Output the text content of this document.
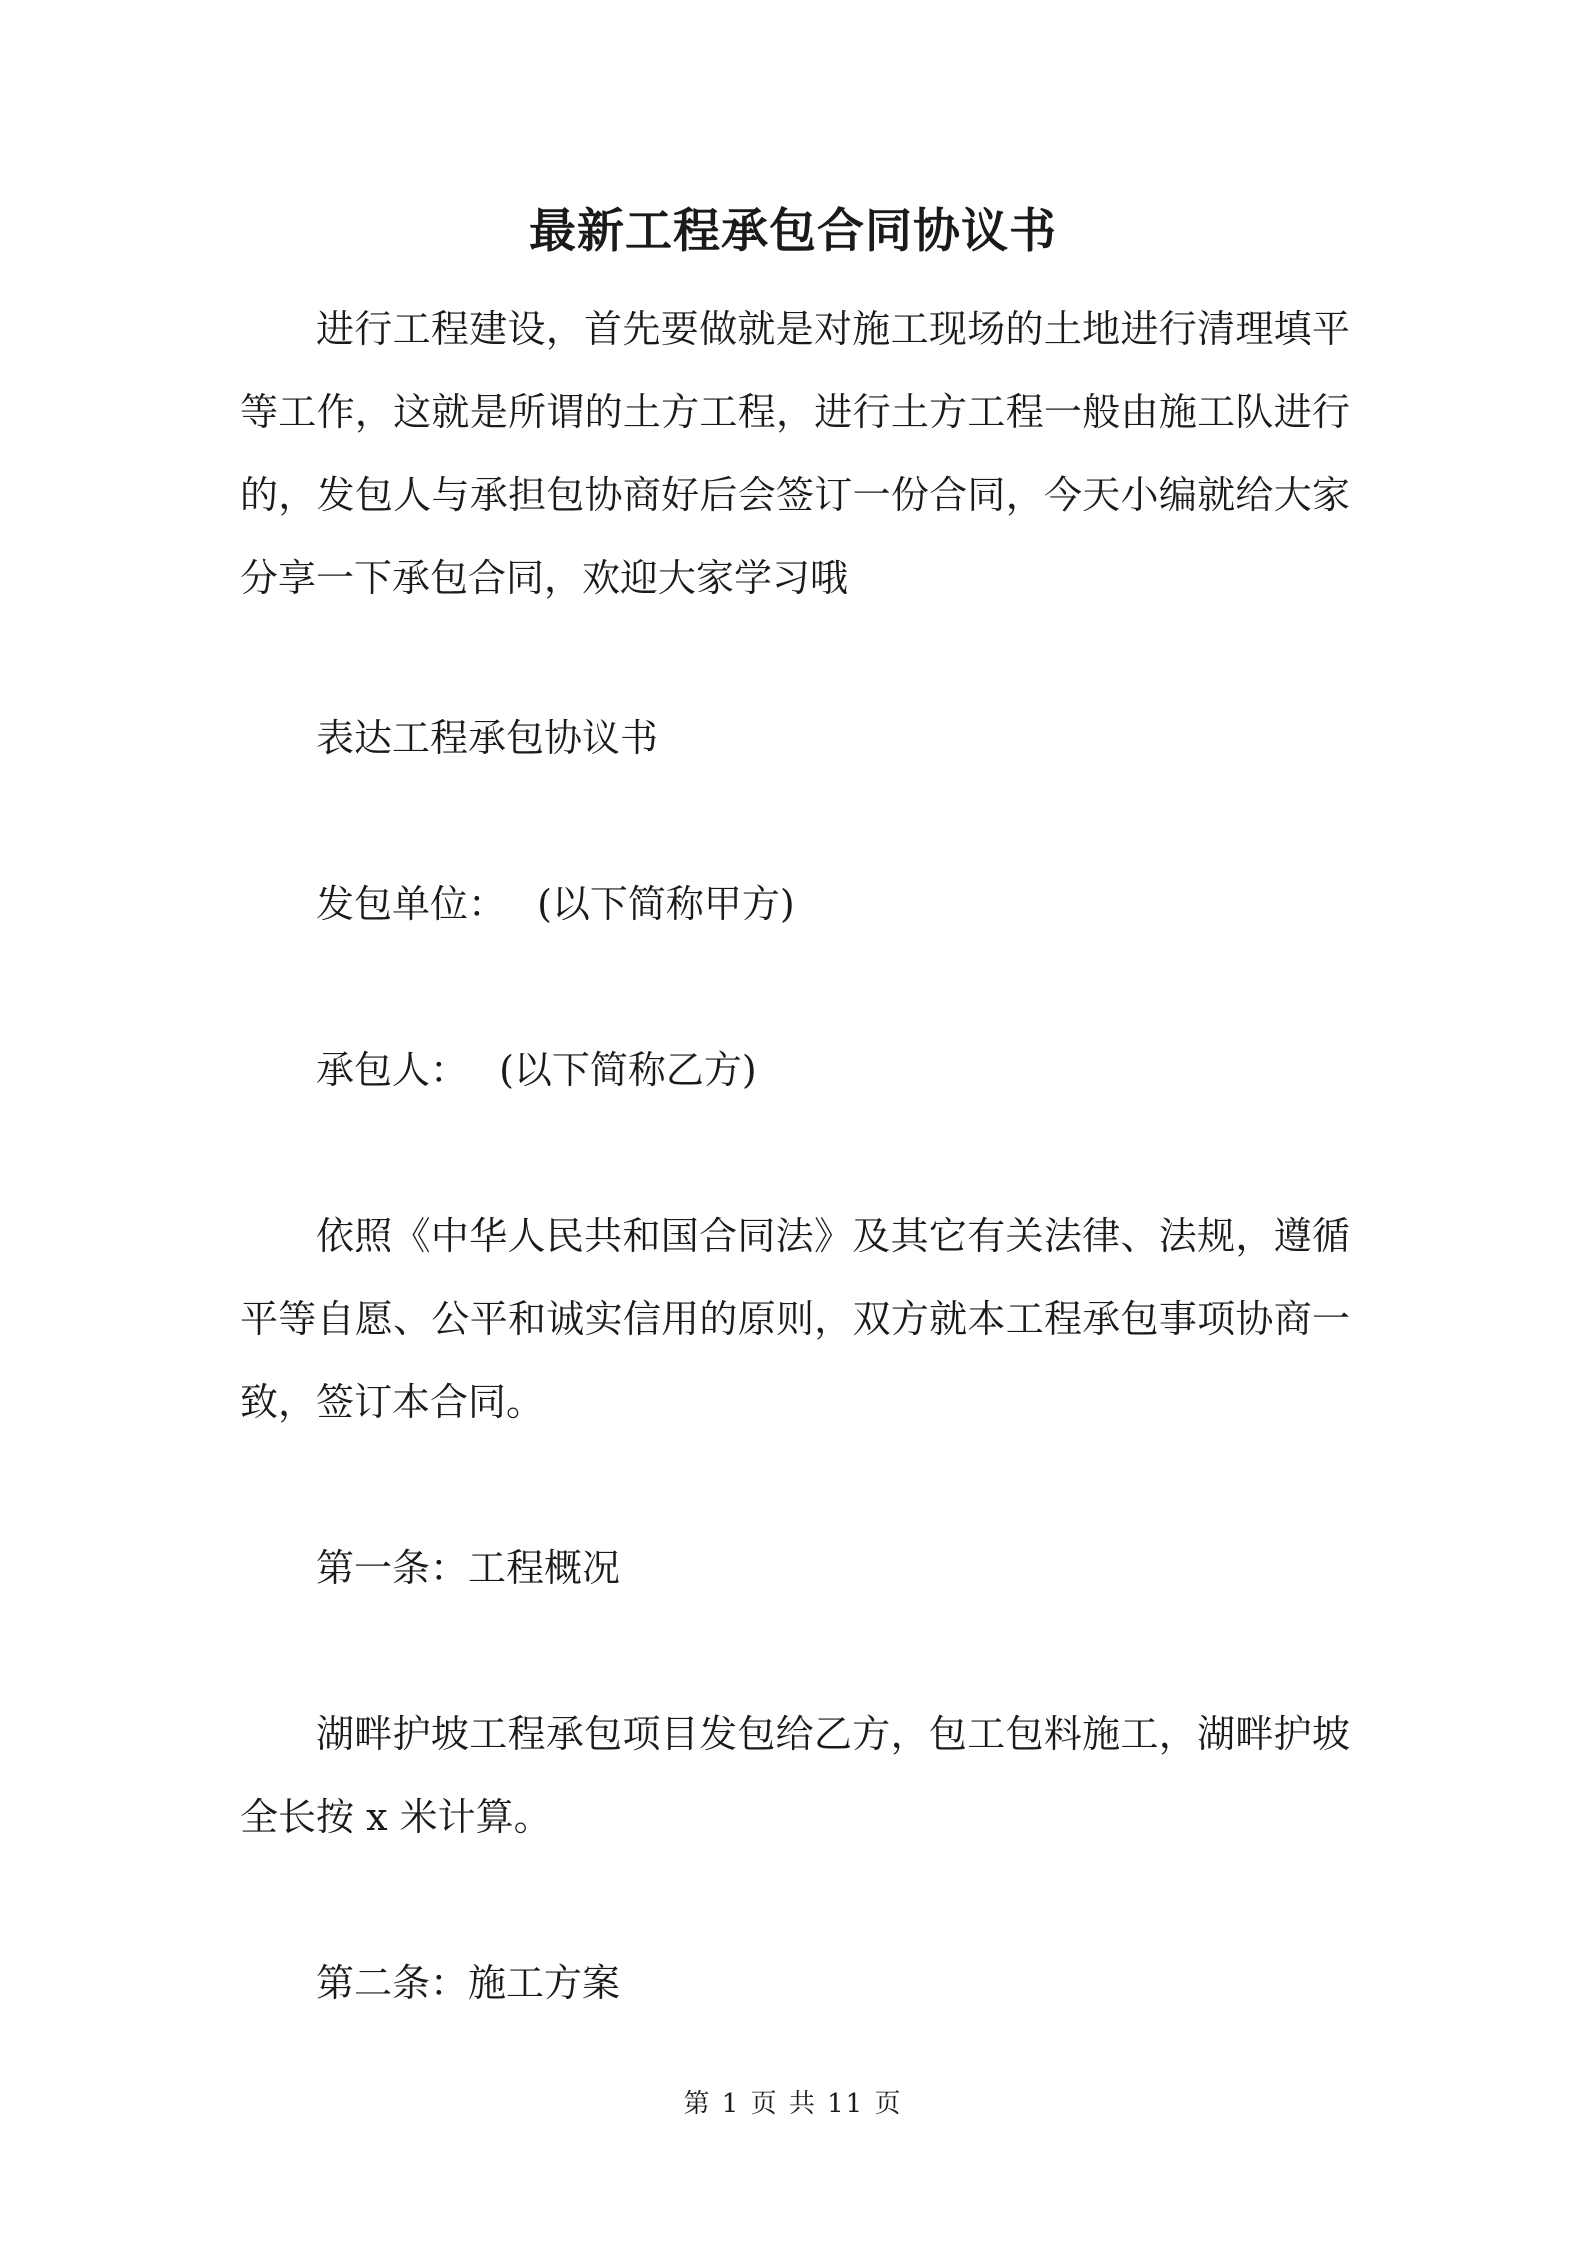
最新工程承包合同协议书

进行工程建设，首先要做就是对施工现场的土地进行清理填平等工作，这就是所谓的土方工程，进行土方工程一般由施工队进行的，发包人与承担包协商好后会签订一份合同，今天小编就给大家分享一下承包合同，欢迎大家学习哦

表达工程承包协议书
发包单位：　 (以下简称甲方)
承包人：　 (以下简称乙方)

依照《中华人民共和国合同法》及其它有关法律、法规，遵循平等自愿、公平和诚实信用的原则，双方就本工程承包事项协商一致，签订本合同。

第一条：工程概况

湖畔护坡工程承包项目发包给乙方，包工包料施工，湖畔护坡全长按 x 米计算。

第二条：施工方案
第 1 页 共 11 页
